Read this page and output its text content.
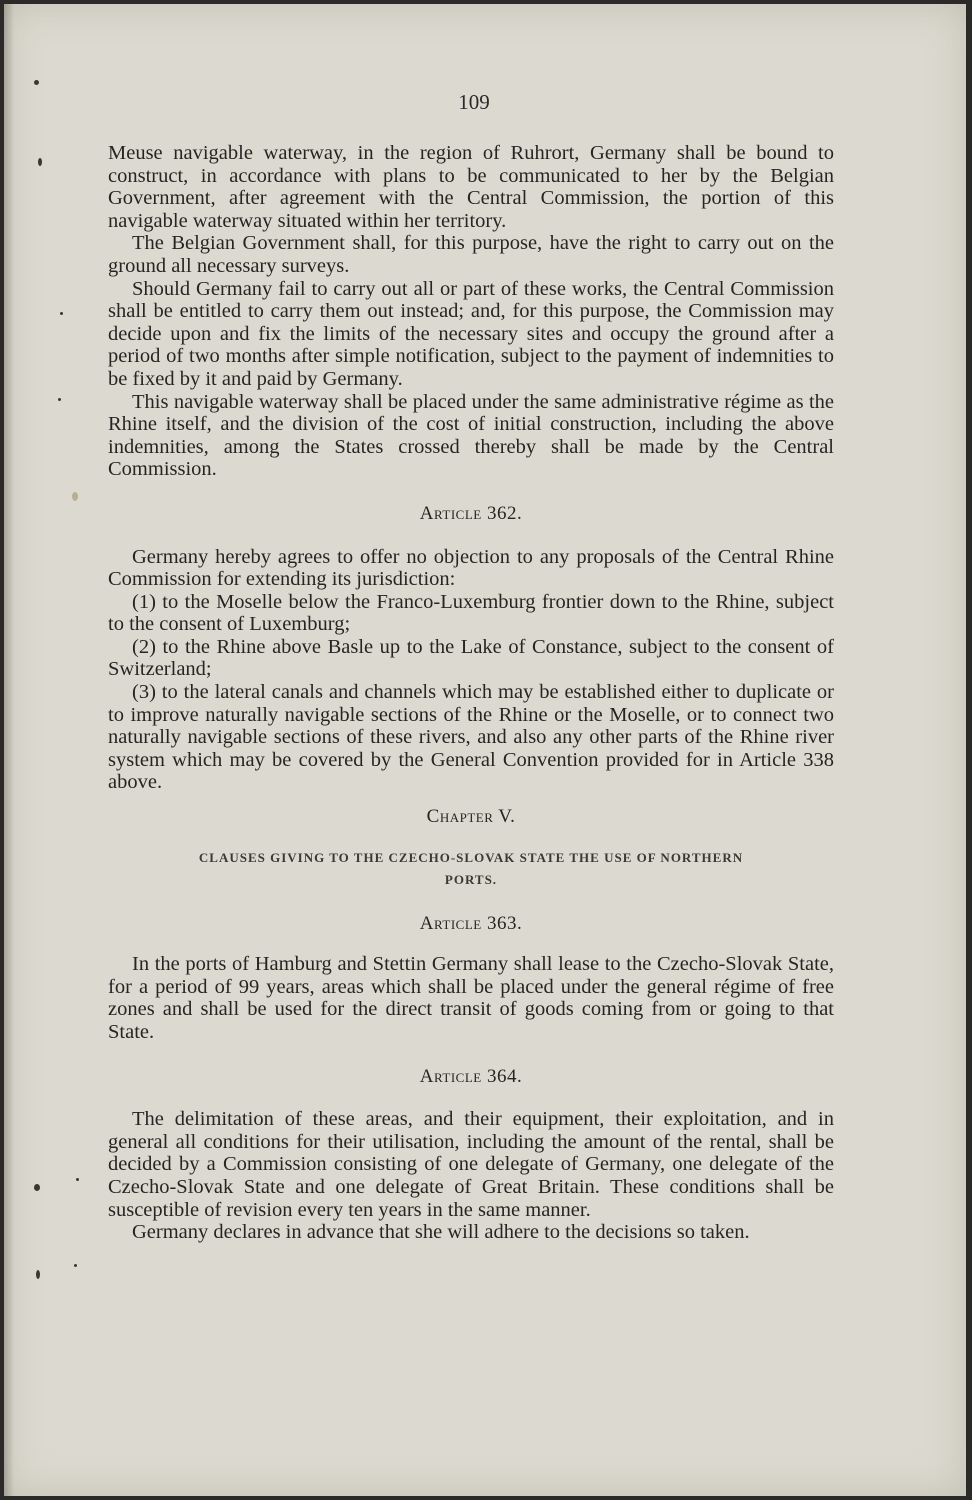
109

Meuse navigable waterway, in the region of Ruhrort, Germany shall be bound to construct, in accordance with plans to be communicated to her by the Belgian Government, after agreement with the Central Commission, the portion of this navigable waterway situated within her territory.

The Belgian Government shall, for this purpose, have the right to carry out on the ground all necessary surveys.

Should Germany fail to carry out all or part of these works, the Central Commission shall be entitled to carry them out instead; and, for this purpose, the Commission may decide upon and fix the limits of the necessary sites and occupy the ground after a period of two months after simple notification, subject to the payment of indemnities to be fixed by it and paid by Germany.

This navigable waterway shall be placed under the same administrative régime as the Rhine itself, and the division of the cost of initial construction, including the above indemnities, among the States crossed thereby shall be made by the Central Commission.

Article 362.

Germany hereby agrees to offer no objection to any proposals of the Central Rhine Commission for extending its jurisdiction:

(1) to the Moselle below the Franco-Luxemburg frontier down to the Rhine, subject to the consent of Luxemburg;

(2) to the Rhine above Basle up to the Lake of Constance, subject to the consent of Switzerland;

(3) to the lateral canals and channels which may be established either to duplicate or to improve naturally navigable sections of the Rhine or the Moselle, or to connect two naturally navigable sections of these rivers, and also any other parts of the Rhine river system which may be covered by the General Convention provided for in Article 338 above.

Chapter V.
CLAUSES GIVING TO THE CZECHO-SLOVAK STATE THE USE OF NORTHERN
PORTS.
Article 363.

In the ports of Hamburg and Stettin Germany shall lease to the Czecho-Slovak State, for a period of 99 years, areas which shall be placed under the general régime of free zones and shall be used for the direct transit of goods coming from or going to that State.

Article 364.

The delimitation of these areas, and their equipment, their exploitation, and in general all conditions for their utilisation, including the amount of the rental, shall be decided by a Commission consisting of one delegate of Germany, one delegate of the Czecho-Slovak State and one delegate of Great Britain. These conditions shall be susceptible of revision every ten years in the same manner.

Germany declares in advance that she will adhere to the decisions so taken.
